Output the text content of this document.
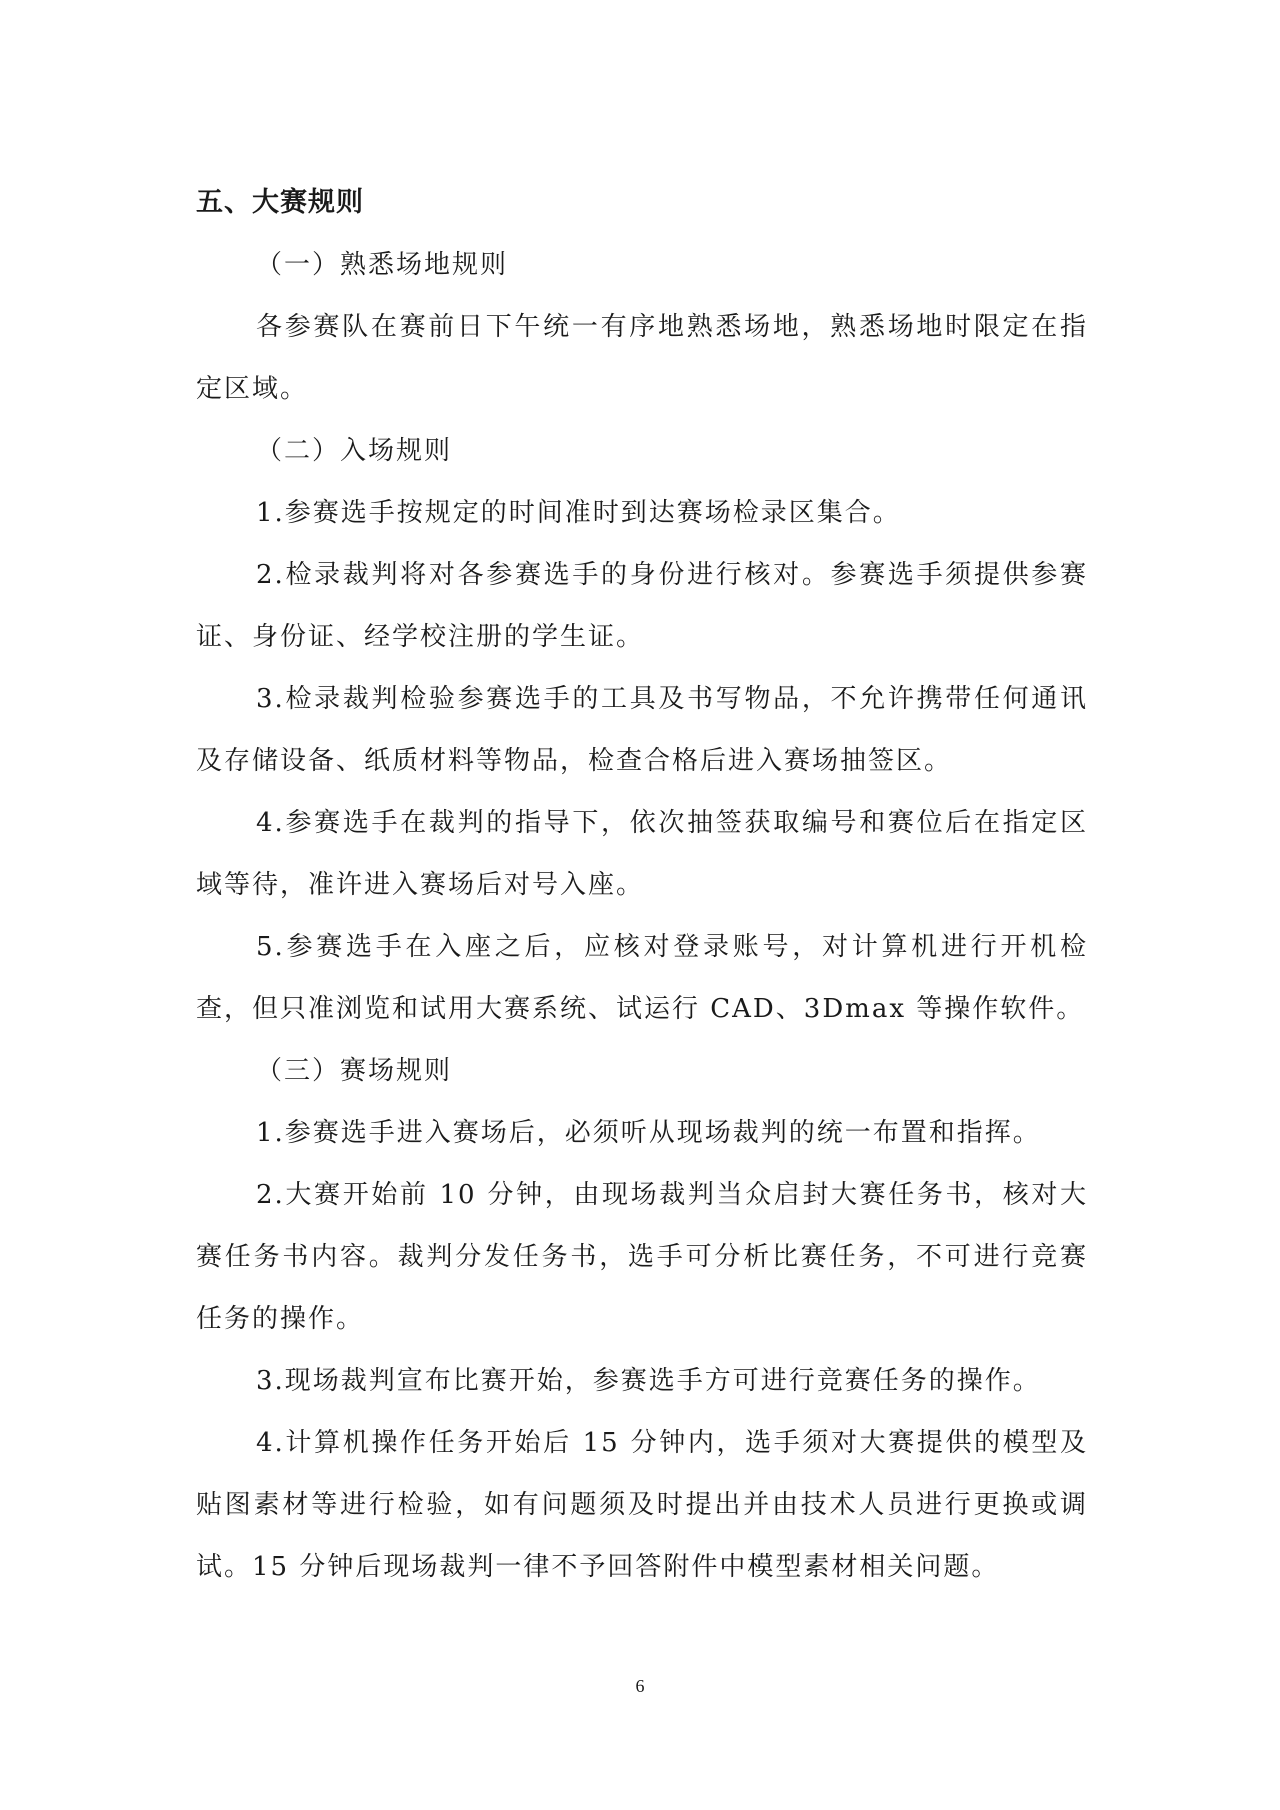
五、大赛规则

（一）熟悉场地规则

各参赛队在赛前日下午统一有序地熟悉场地，熟悉场地时限定在指定区域。

（二）入场规则

1.参赛选手按规定的时间准时到达赛场检录区集合。

2.检录裁判将对各参赛选手的身份进行核对。参赛选手须提供参赛证、身份证、经学校注册的学生证。

3.检录裁判检验参赛选手的工具及书写物品，不允许携带任何通讯及存储设备、纸质材料等物品，检查合格后进入赛场抽签区。

4.参赛选手在裁判的指导下，依次抽签获取编号和赛位后在指定区域等待，准许进入赛场后对号入座。

5.参赛选手在入座之后，应核对登录账号，对计算机进行开机检查，但只准浏览和试用大赛系统、试运行 CAD、3Dmax 等操作软件。

（三）赛场规则

1.参赛选手进入赛场后，必须听从现场裁判的统一布置和指挥。

2.大赛开始前 10 分钟，由现场裁判当众启封大赛任务书，核对大赛任务书内容。裁判分发任务书，选手可分析比赛任务，不可进行竞赛任务的操作。

3.现场裁判宣布比赛开始，参赛选手方可进行竞赛任务的操作。

4.计算机操作任务开始后 15 分钟内，选手须对大赛提供的模型及贴图素材等进行检验，如有问题须及时提出并由技术人员进行更换或调试。15 分钟后现场裁判一律不予回答附件中模型素材相关问题。

6
